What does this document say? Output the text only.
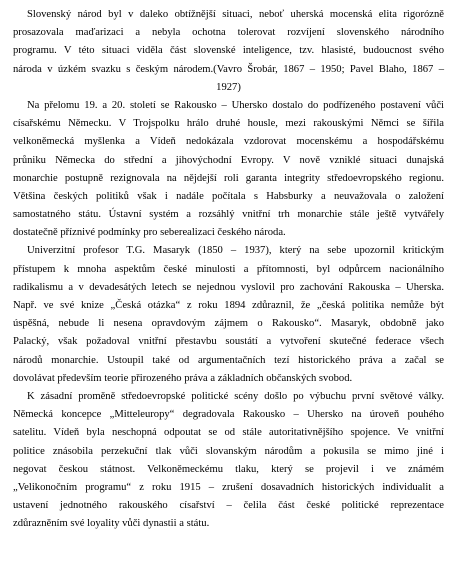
Slovenský národ byl v daleko obtížnější situaci, neboť uherská mocenská elita rigorózně
prosazovala maďarizaci a nebyla ochotna tolerovat rozvíjení slovenského národního
programu. V této situaci viděla část slovenské inteligence, tzv. hlasisté, budoucnost svého
národa v úzkém svazku s českým národem.(Vavro Šrobár, 1867 – 1950; Pavel Blaho, 1867 –
1927)
Na přelomu 19. a 20. století se Rakousko – Uhersko dostalo do podřízeného postavení vůči
císařskému Německu. V Trojspolku hrálo druhé housle, mezi rakouskými Němci se šířila
velkoněmecká myšlenka a Vídeň nedokázala vzdorovat mocenskému a hospodářskému
průniku Německa do střední a jihovýchodní Evropy. V nově vzniklé situaci dunajská
monarchie postupně rezignovala na nějdejší roli garanta integrity středoevropského regionu.
Většina českých politiků však i nadále počítala s Habsburky a neuvažovala o založení
samostatného státu. Ústavní systém a rozsáhlý vnitřní trh monarchie stále ještě vytvářely
dostatečně příznivé podmínky pro seberealizaci českého národa.
Univerzitní profesor T.G. Masaryk (1850 – 1937), který na sebe upozornil kritickým
přístupem k mnoha aspektům české minulosti a přítomnosti, byl odpůrcem nacionálního
radikalismu a v devadesátých letech se nejednou vyslovil pro zachování Rakouska – Uherska.
Např. ve své knize „Česká otázka“ z roku 1894 zdůraznil, že „česká politika nemůže být
úspěšná, nebude li nesena opravdovým zájmem o Rakousko“. Masaryk, obdobně jako
Palacký, však požadoval vnitřní přestavbu soustátí a vytvoření skutečné federace všech
národů monarchie. Ustoupil také od argumentačních tezí historického práva a začal se
dovolávat především teorie přirozeného práva a základních občanských svobod.
K zásadní proměně středoevropské politické scény došlo po výbuchu první světové války.
Německá koncepce „Mitteleuropy“ degradovala Rakousko – Uhersko na úroveň pouhého
satelitu. Vídeň byla neschopná odpoutat se od stále autoritativnějšího spojence. Ve vnitřní
politice znásobila perzekuční tlak vůči slovanským národům a pokusila se mimo jiné i
negovat českou státnost. Velkoněmeckému tlaku, který se projevil i ve známém
„Velikonočním programu“ z roku 1915 – zrušení dosavadních historických individualit a
ustavení jednotného rakouského císařství – čelila část české politické reprezentace
zdůrazněním své loyality vůči dynastii a státu.
